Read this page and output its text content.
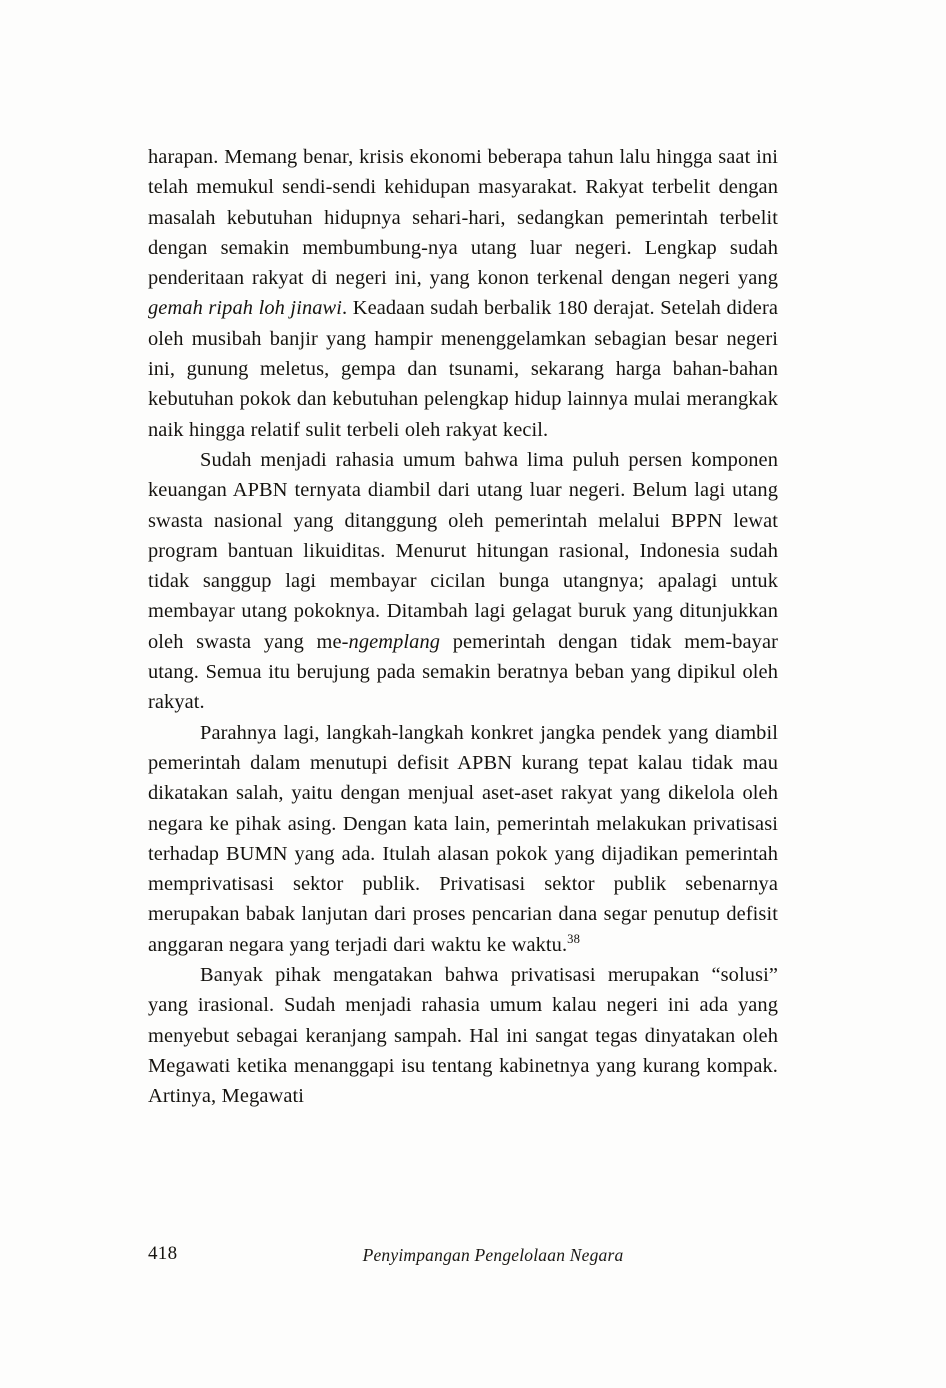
harapan. Memang benar, krisis ekonomi beberapa tahun lalu hingga saat ini telah memukul sendi-sendi kehidupan masyarakat. Rakyat terbelit dengan masalah kebutuhan hidupnya sehari-hari, sedangkan pemerintah terbelit dengan semakin membumbung-nya utang luar negeri. Lengkap sudah penderitaan rakyat di negeri ini, yang konon terkenal dengan negeri yang gemah ripah loh jinawi. Keadaan sudah berbalik 180 derajat. Setelah didera oleh musibah banjir yang hampir menenggelamkan sebagian besar negeri ini, gunung meletus, gempa dan tsunami, sekarang harga bahan-bahan kebutuhan pokok dan kebutuhan pelengkap hidup lainnya mulai merangkak naik hingga relatif sulit terbeli oleh rakyat kecil.

Sudah menjadi rahasia umum bahwa lima puluh persen komponen keuangan APBN ternyata diambil dari utang luar negeri. Belum lagi utang swasta nasional yang ditanggung oleh pemerintah melalui BPPN lewat program bantuan likuiditas. Menurut hitungan rasional, Indonesia sudah tidak sanggup lagi membayar cicilan bunga utangnya; apalagi untuk membayar utang pokoknya. Ditambah lagi gelagat buruk yang ditunjukkan oleh swasta yang me-ngemplang pemerintah dengan tidak mem-bayar utang. Semua itu berujung pada semakin beratnya beban yang dipikul oleh rakyat.

Parahnya lagi, langkah-langkah konkret jangka pendek yang diambil pemerintah dalam menutupi defisit APBN kurang tepat kalau tidak mau dikatakan salah, yaitu dengan menjual aset-aset rakyat yang dikelola oleh negara ke pihak asing. Dengan kata lain, pemerintah melakukan privatisasi terhadap BUMN yang ada. Itulah alasan pokok yang dijadikan pemerintah memprivatisasi sektor publik. Privatisasi sektor publik sebenarnya merupakan babak lanjutan dari proses pencarian dana segar penutup defisit anggaran negara yang terjadi dari waktu ke waktu.$^{38}$

Banyak pihak mengatakan bahwa privatisasi merupakan “solusi” yang irasional. Sudah menjadi rahasia umum kalau negeri ini ada yang menyebut sebagai keranjang sampah. Hal ini sangat tegas dinyatakan oleh Megawati ketika menanggapi isu tentang kabinetnya yang kurang kompak. Artinya, Megawati

418	Penyimpangan Pengelolaan Negara
